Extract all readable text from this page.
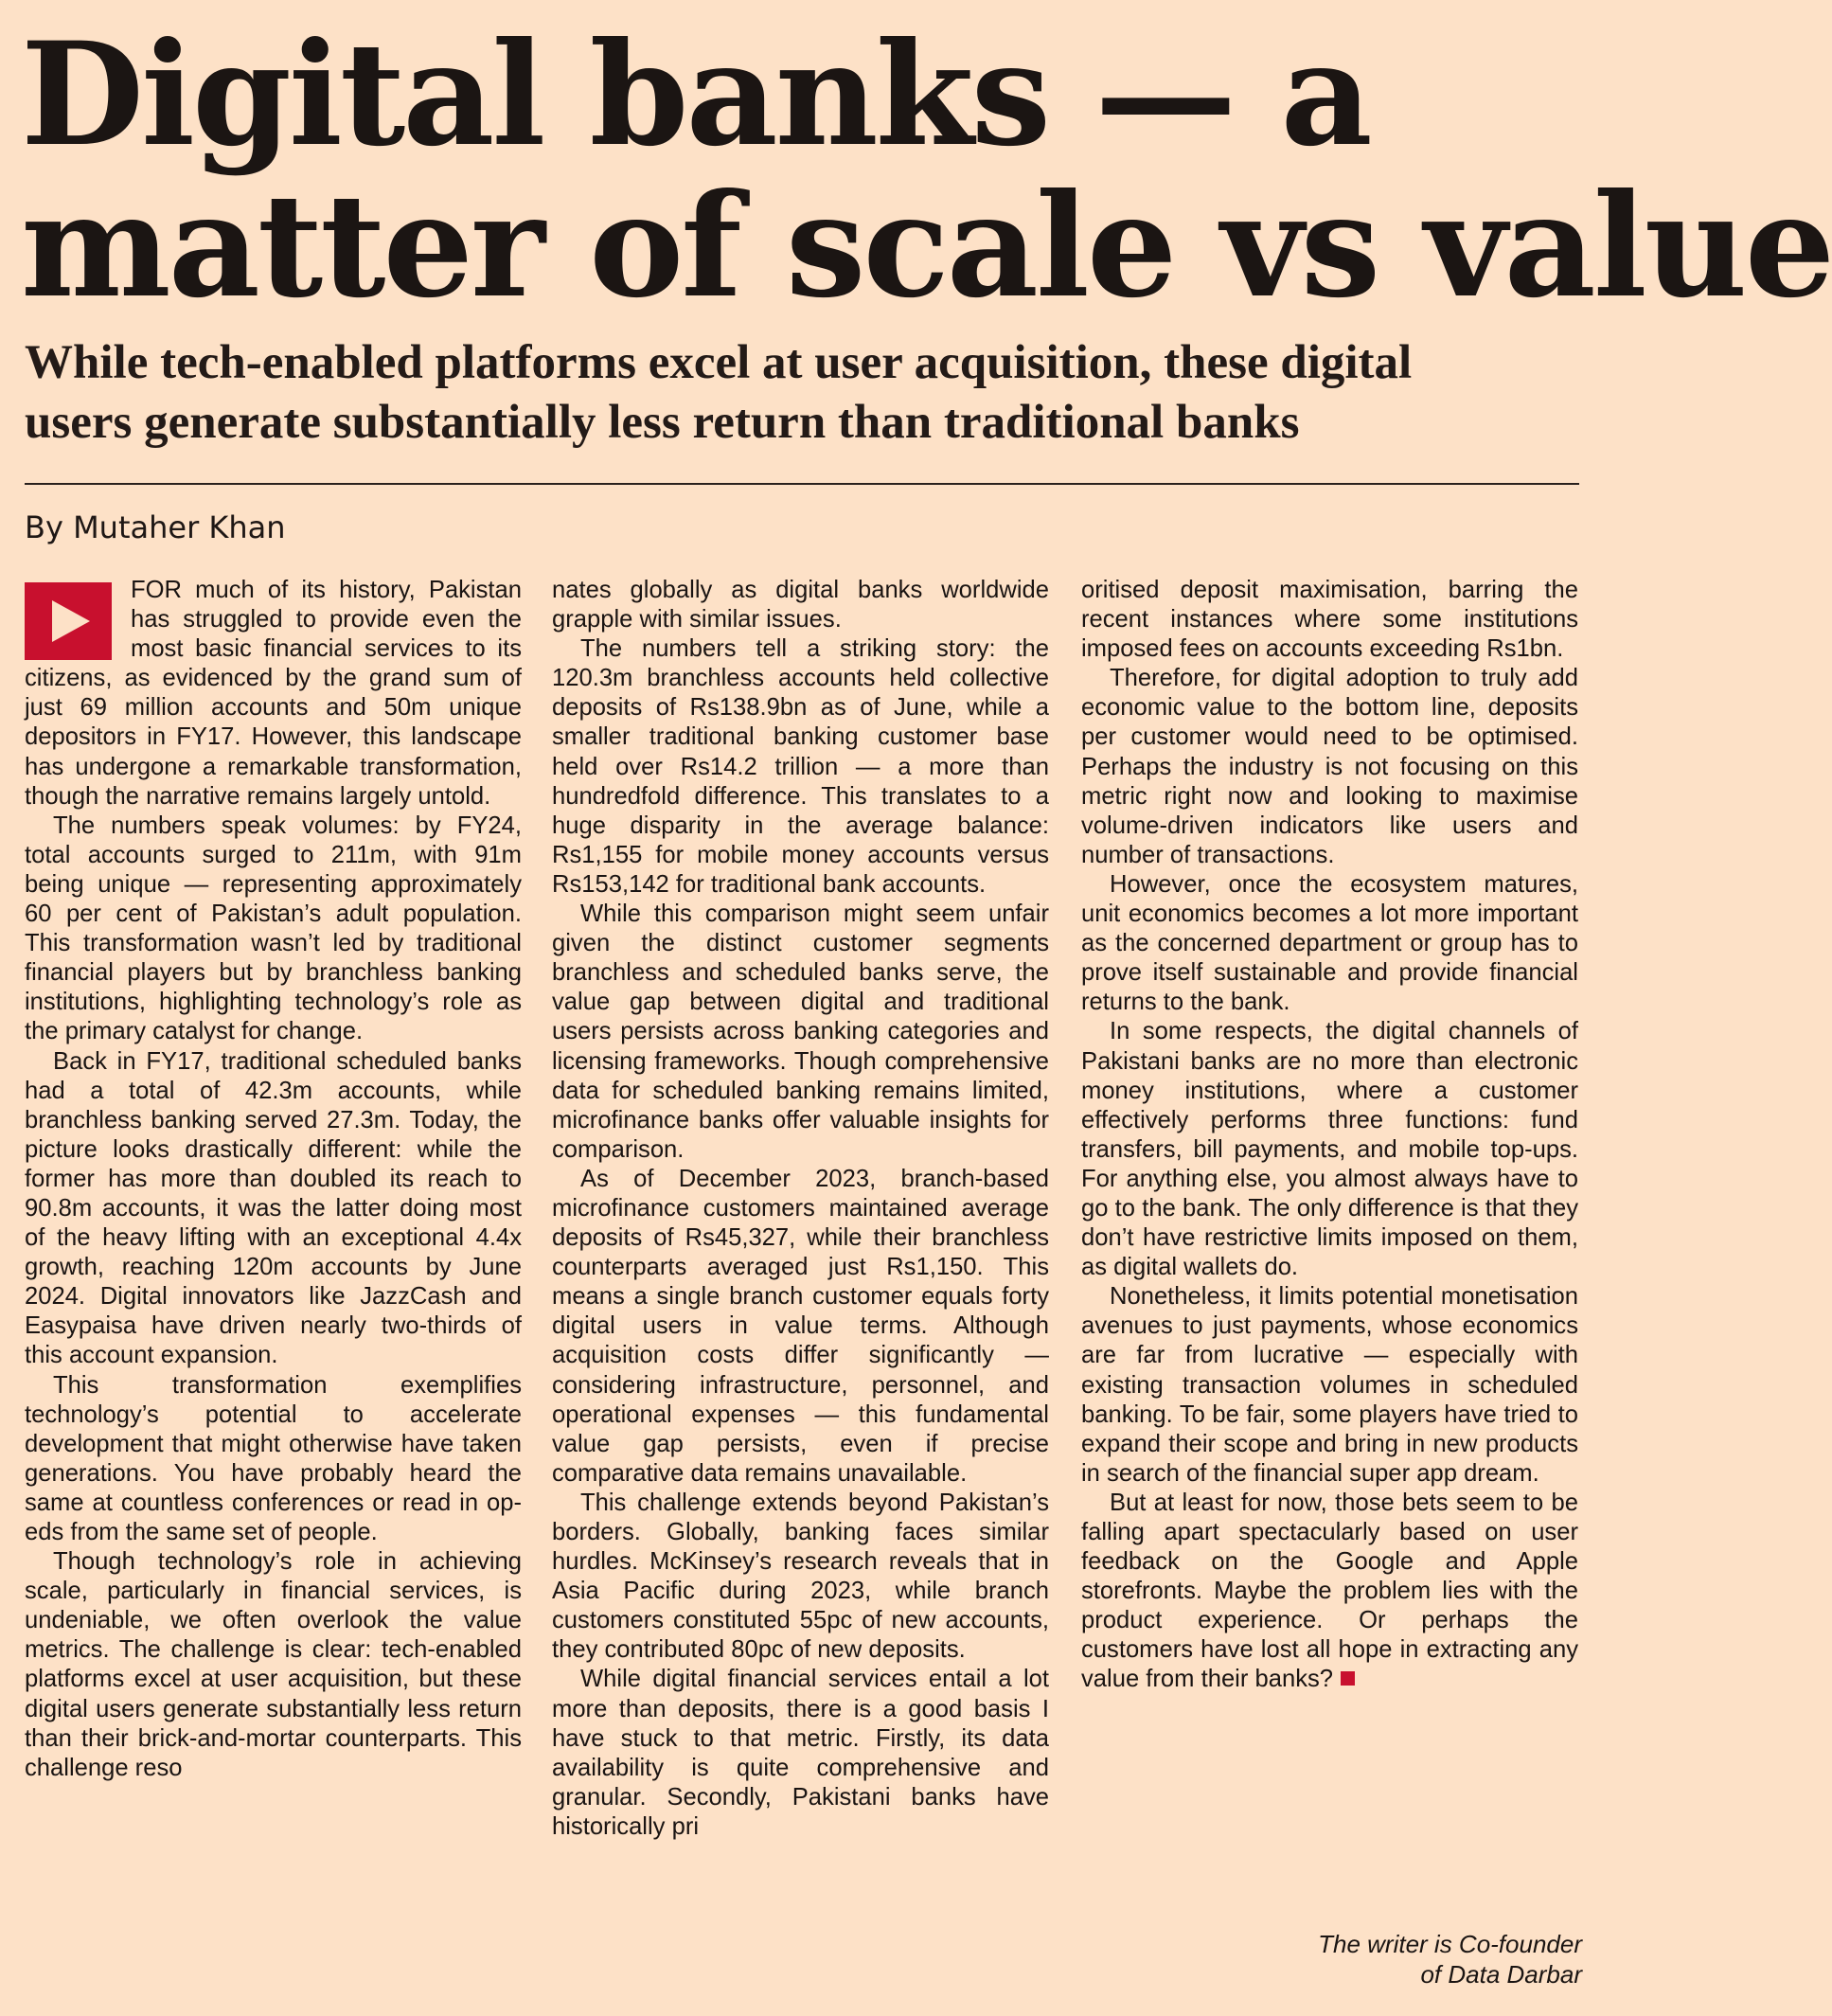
Digital banks — a
matter of scale vs value
While tech-enabled platforms excel at user acquisition, these digital
users generate substantially less return than traditional banks
By Mutaher Khan

FOR much of its history, Pakistan has struggled to provide even the most basic financial services to its citizens, as evidenced by the grand sum of just 69 million accounts and 50m unique depositors in FY17. However, this landscape has undergone a remarkable transformation, though the narrative remains largely untold.

The numbers speak volumes: by FY24, total accounts surged to 211m, with 91m being unique — representing approximately 60 per cent of Pakistan’s adult population. This transformation wasn’t led by traditional financial players but by branchless banking institutions, highlighting technology’s role as the primary catalyst for change.

Back in FY17, traditional scheduled banks had a total of 42.3m accounts, while branchless banking served 27.3m. Today, the picture looks drastically different: while the former has more than doubled its reach to 90.8m accounts, it was the latter doing most of the heavy lifting with an exceptional 4.4x growth, reaching 120m accounts by June 2024. Digital innovators like JazzCash and Easypaisa have driven nearly two-thirds of this account expansion.

This transformation exemplifies technology’s potential to accelerate development that might otherwise have taken generations. You have probably heard the same at countless conferences or read in op-eds from the same set of people.

Though technology’s role in achieving scale, particularly in financial services, is undeniable, we often overlook the value metrics. The challenge is clear: tech-enabled platforms excel at user acquisition, but these digital users generate substantially less return than their brick-and-mortar counterparts. This challenge reso

nates globally as digital banks worldwide grapple with similar issues.

The numbers tell a striking story: the 120.3m branchless accounts held collective deposits of Rs138.9bn as of June, while a smaller traditional banking customer base held over Rs14.2 trillion — a more than hundredfold difference. This translates to a huge disparity in the average balance: Rs1,155 for mobile money accounts versus Rs153,142 for traditional bank accounts.

While this comparison might seem unfair given the distinct customer segments branchless and scheduled banks serve, the value gap between digital and traditional users persists across banking categories and licensing frameworks. Though comprehensive data for scheduled banking remains limited, microfinance banks offer valuable insights for comparison.

As of December 2023, branch-based microfinance customers maintained average deposits of Rs45,327, while their branchless counterparts averaged just Rs1,150. This means a single branch customer equals forty digital users in value terms. Although acquisition costs differ significantly — considering infrastructure, personnel, and operational expenses — this fundamental value gap persists, even if precise comparative data remains unavailable.

This challenge extends beyond Pakistan’s borders. Globally, banking faces similar hurdles. McKinsey’s research reveals that in Asia Pacific during 2023, while branch customers constituted 55pc of new accounts, they contributed 80pc of new deposits.

While digital financial services entail a lot more than deposits, there is a good basis I have stuck to that metric. Firstly, its data availability is quite comprehensive and granular. Secondly, Pakistani banks have historically pri

oritised deposit maximisation, barring the recent instances where some institutions imposed fees on accounts exceeding Rs1bn.

Therefore, for digital adoption to truly add economic value to the bottom line, deposits per customer would need to be optimised. Perhaps the industry is not focusing on this metric right now and looking to maximise volume-driven indicators like users and number of transactions.

However, once the ecosystem matures, unit economics becomes a lot more important as the concerned department or group has to prove itself sustainable and provide financial returns to the bank.

In some respects, the digital channels of Pakistani banks are no more than electronic money institutions, where a customer effectively performs three functions: fund transfers, bill payments, and mobile top-ups. For anything else, you almost always have to go to the bank. The only difference is that they don’t have restrictive limits imposed on them, as digital wallets do.

Nonetheless, it limits potential monetisation avenues to just payments, whose economics are far from lucrative — especially with existing transaction volumes in scheduled banking. To be fair, some players have tried to expand their scope and bring in new products in search of the financial super app dream.

But at least for now, those bets seem to be falling apart spectacularly based on user feedback on the Google and Apple storefronts. Maybe the problem lies with the product experience. Or perhaps the customers have lost all hope in extracting any value from their banks?

The writer is Co-founder
of Data Darbar
